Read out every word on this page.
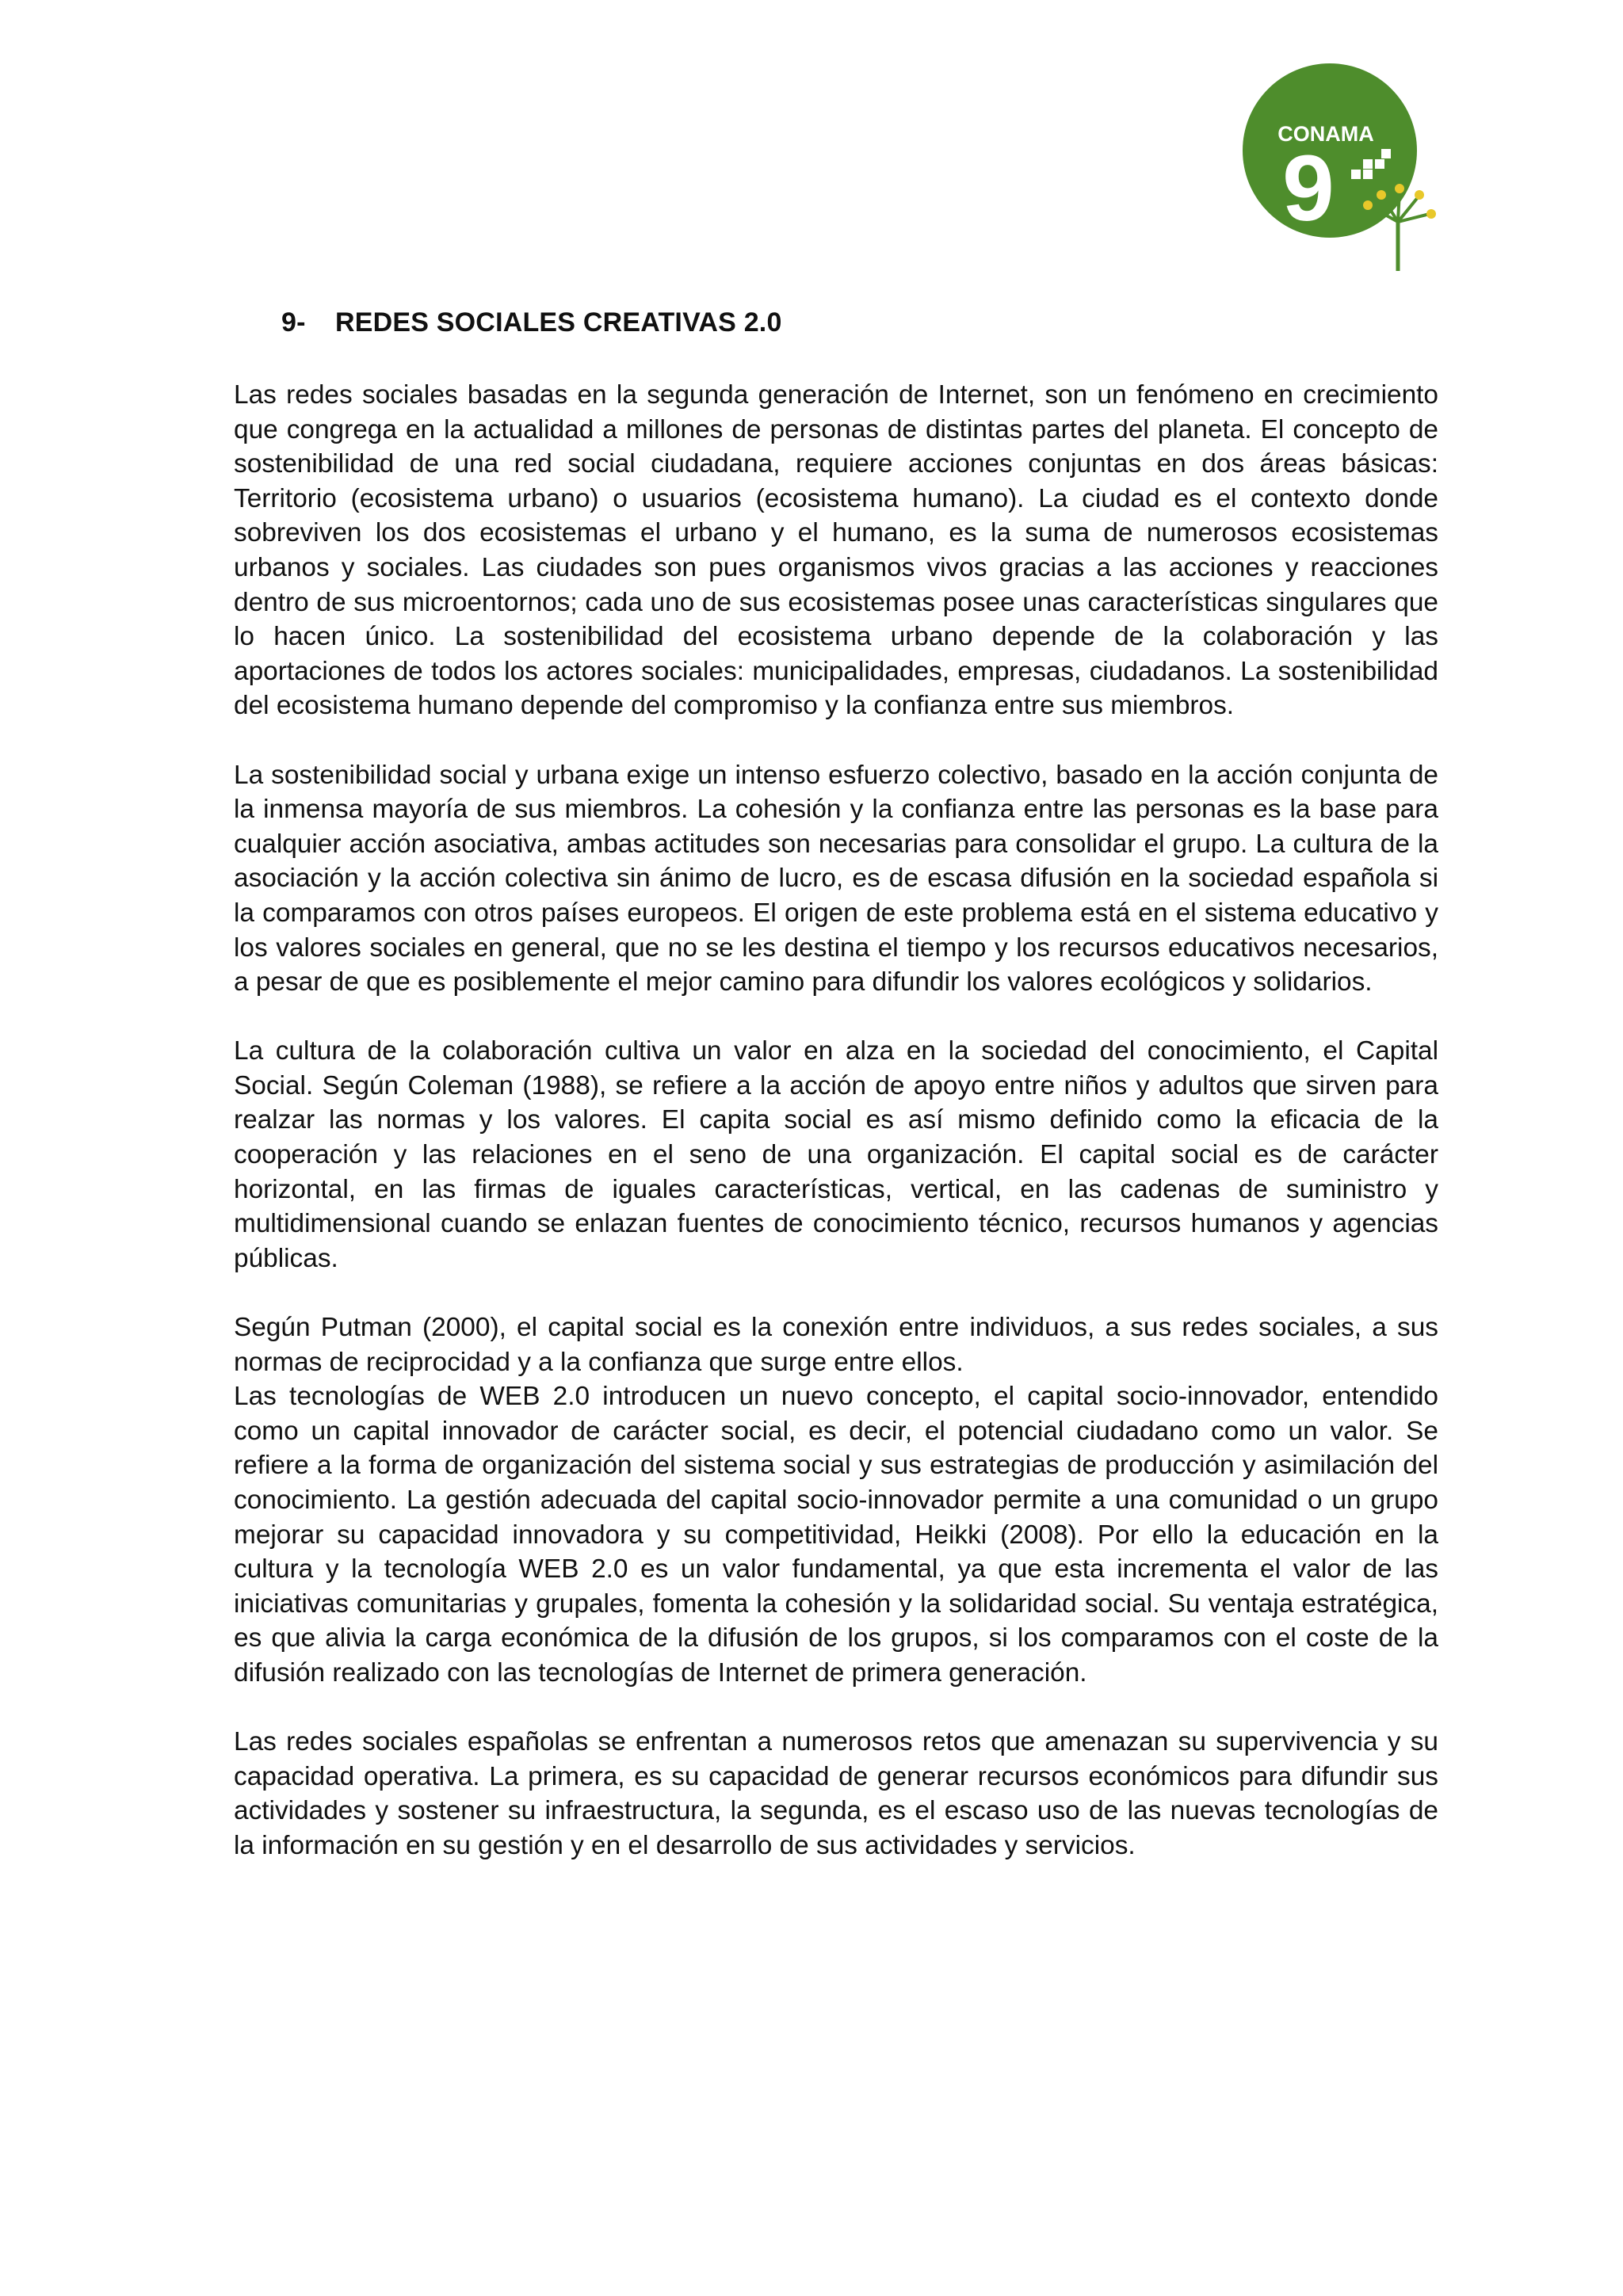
CONAMA
9
9- REDES SOCIALES CREATIVAS 2.0

Las redes sociales basadas en la segunda generación de Internet, son un fenómeno en crecimiento que congrega en la actualidad a millones de personas de distintas partes del planeta. El concepto de sostenibilidad de una red social ciudadana, requiere acciones conjuntas en dos áreas básicas: Territorio (ecosistema urbano) o usuarios (ecosistema humano). La ciudad es el contexto donde sobreviven los dos ecosistemas el urbano y el humano, es la suma de numerosos ecosistemas urbanos y sociales. Las ciudades son pues organismos vivos gracias a las acciones y reacciones dentro de sus microentornos; cada uno de sus ecosistemas posee unas características singulares que lo hacen único. La sostenibilidad del ecosistema urbano depende de la colaboración y las aportaciones de todos los actores sociales: municipalidades, empresas, ciudadanos. La sostenibilidad del ecosistema humano depende del compromiso y la confianza entre sus miembros.

La sostenibilidad social y urbana exige un intenso esfuerzo colectivo, basado en la acción conjunta de la inmensa mayoría de sus miembros. La cohesión y la confianza entre las personas es la base para cualquier acción asociativa, ambas actitudes son necesarias para consolidar el grupo. La cultura de la asociación y la acción colectiva sin ánimo de lucro, es de escasa difusión en la sociedad española si la comparamos con otros países europeos. El origen de este problema está en el sistema educativo y los valores sociales en general, que no se les destina el tiempo y los recursos educativos necesarios, a pesar de que es posiblemente el mejor camino para difundir los valores ecológicos y solidarios.

La cultura de la colaboración cultiva un valor en alza en la sociedad del conocimiento, el Capital Social. Según Coleman (1988), se refiere a la acción de apoyo entre niños y adultos que sirven para realzar las normas y los valores. El capita social es así mismo definido como la eficacia de la cooperación y las relaciones en el seno de una organización. El capital social es de carácter horizontal, en las firmas de iguales características, vertical, en las cadenas de suministro y multidimensional cuando se enlazan fuentes de conocimiento técnico, recursos humanos y agencias públicas.

Según Putman (2000), el capital social es la conexión entre individuos, a sus redes sociales, a sus normas de reciprocidad y a la confianza que surge entre ellos.

Las tecnologías de WEB 2.0 introducen un nuevo concepto, el capital socio-innovador, entendido como un capital innovador de carácter social, es decir, el potencial ciudadano como un valor. Se refiere a la forma de organización del sistema social y sus estrategias de producción y asimilación del conocimiento. La gestión adecuada del capital socio-innovador permite a una comunidad o un grupo mejorar su capacidad innovadora y su competitividad, Heikki (2008). Por ello la educación en la cultura y la tecnología WEB 2.0 es un valor fundamental, ya que esta incrementa el valor de las iniciativas comunitarias y grupales, fomenta la cohesión y la solidaridad social. Su ventaja estratégica, es que alivia la carga económica de la difusión de los grupos, si los comparamos con el coste de la difusión realizado con las tecnologías de Internet de primera generación.

Las redes sociales españolas se enfrentan a numerosos retos que amenazan su supervivencia y su capacidad operativa. La primera, es su capacidad de generar recursos económicos para difundir sus actividades y sostener su infraestructura, la segunda, es el escaso uso de las nuevas tecnologías de la información en su gestión y en el desarrollo de sus actividades y servicios.
